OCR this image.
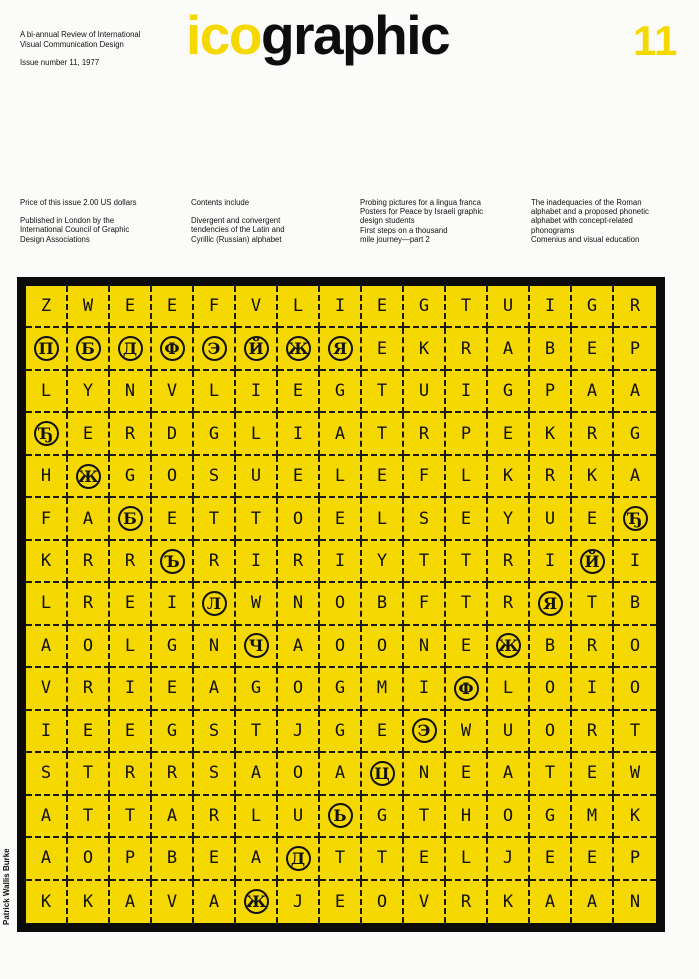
A bi-annual Review of International
Visual Communication Design
Issue number 11, 1977 icographic	11

Price of this issue 2.00 US dollars

Published in London by the
International Council of Graphic
Design Associations

Contents include

Divergent and convergent
tendencies of the Latin and
Cyrillic (Russian) alphabet

Probing pictures for a lingua franca
Posters for Peace by Israeli graphic
design students
First steps on a thousand
mile journey—part 2

The inadequacies of the Roman
alphabet and a proposed phonetic
alphabet with concept-related
phonograms
Comenius and visual education

Z	W	E	E	F	V	L	I	E	G	T	U	I	G	R
П	Б	Д	Ф	Э	Й	Ж	Я	E	K	R	A	B	E	P
L	Y	N	V	L	I	E	G	T	U	I	G	P	A	A
Ђ	E	R	D	G	L	I	A	T	R	P	E	K	R	G
H	Ж	G	O	S	U	E	L	E	F	L	K	R	K	A
F	A	Б	E	T	T	O	E	L	S	E	Y	U	E	Ђ
K	R	R	Ъ	R	I	R	I	Y	T	T	R	I	Й	I
L	R	E	I	Л	W	N	O	B	F	T	R	Я	T	B
A	O	L	G	N	Ч	A	O	O	N	E	Ж	B	R	O
V	R	I	E	A	G	O	G	M	I	Ф	L	O	I	O
I	E	E	G	S	T	J	G	E	Э	W	U	O	R	T
S	T	R	R	S	A	O	A	Ц	N	E	A	T	E	W
A	T	T	A	R	L	U	Ь	G	T	H	O	G	M	K
A	O	P	B	E	A	Д	T	T	E	L	J	E	E	P
K	K	A	V	A	Ж	J	E	O	V	R	K	A	A	N
Patrick Wallis Burke
